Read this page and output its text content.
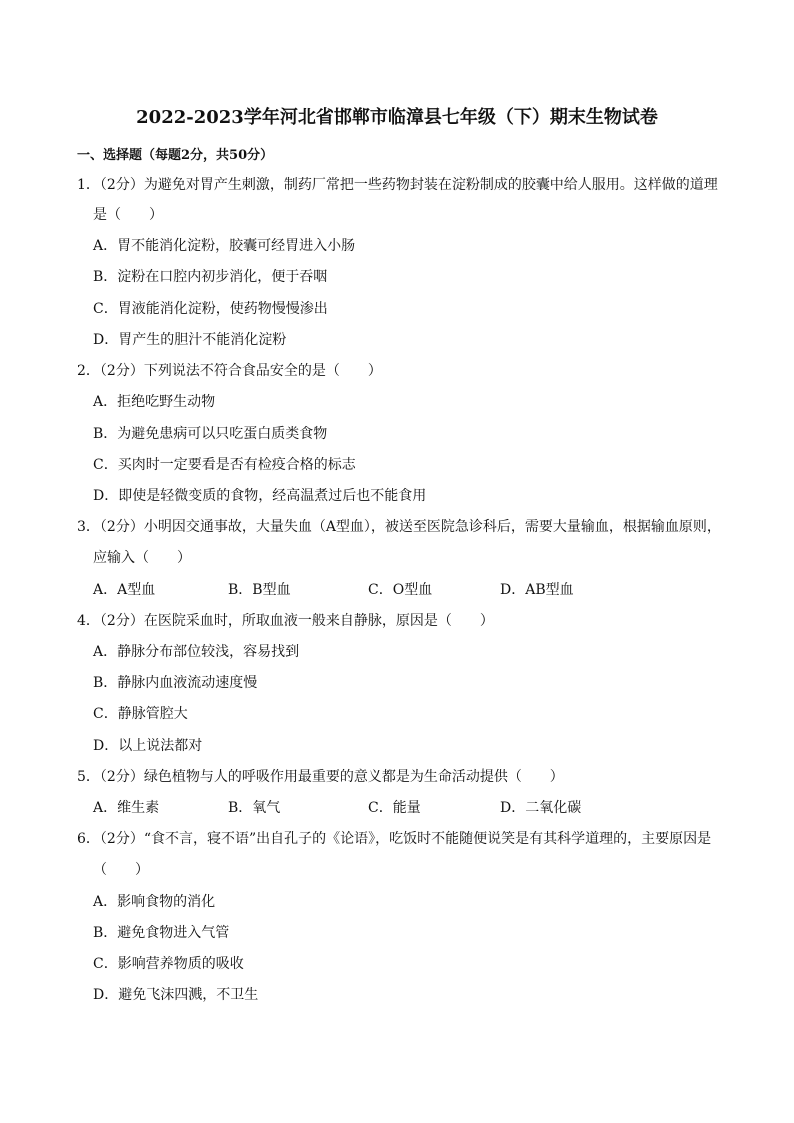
2022-2023学年河北省邯郸市临漳县七年级（下）期末生物试卷
一、选择题（每题2分，共50分）
1．（2分）为避免对胃产生刺激，制药厂常把一些药物封装在淀粉制成的胶囊中给人服用。这样做的道理
是（　　）
A．胃不能消化淀粉，胶囊可经胃进入小肠
B．淀粉在口腔内初步消化，便于吞咽
C．胃液能消化淀粉，使药物慢慢渗出
D．胃产生的胆汁不能消化淀粉
2．（2分）下列说法不符合食品安全的是（　　）
A．拒绝吃野生动物
B．为避免患病可以只吃蛋白质类食物
C．买肉时一定要看是否有检疫合格的标志
D．即使是轻微变质的食物，经高温煮过后也不能食用
3．（2分）小明因交通事故，大量失血（A型血），被送至医院急诊科后，需要大量输血，根据输血原则，
应输入（　　）
A．A型血	B．B型血	C．O型血	D．AB型血
4．（2分）在医院采血时，所取血液一般来自静脉，原因是（　　）
A．静脉分布部位较浅，容易找到
B．静脉内血液流动速度慢
C．静脉管腔大
D．以上说法都对
5．（2分）绿色植物与人的呼吸作用最重要的意义都是为生命活动提供（　　）
A．维生素	B．氧气	C．能量	D．二氧化碳
6．（2分）“食不言，寝不语”出自孔子的《论语》，吃饭时不能随便说笑是有其科学道理的，主要原因是
（　　）
A．影响食物的消化
B．避免食物进入气管
C．影响营养物质的吸收
D．避免飞沫四溅，不卫生
